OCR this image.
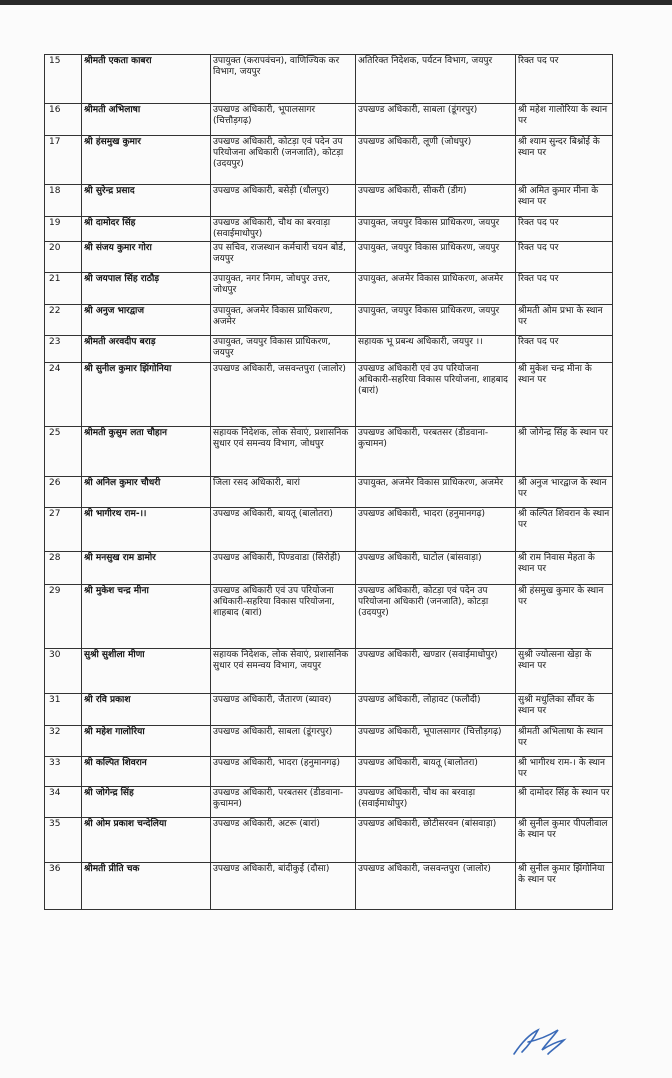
15	श्रीमती एकता काबरा	उपायुक्त (करापवंचन), वाणिज्यिक कर विभाग, जयपुर	अतिरिक्त निदेशक, पर्यटन विभाग, जयपुर	रिक्त पद पर
16	श्रीमती अभिलाषा	उपखण्ड अधिकारी, भूपालसागर (चित्तौड़गढ़)	उपखण्ड अधिकारी, साबला (डूंगरपुर)	श्री महेश गालोरिया के स्थान पर
17	श्री हंसमुख कुमार	उपखण्ड अधिकारी, कोटड़ा एवं पदेन उप परियोजना अधिकारी (जनजाति), कोटड़ा (उदयपुर)	उपखण्ड अधिकारी, लूणी (जोधपुर)	श्री श्याम सुन्दर बिश्नोई के स्थान पर
18	श्री सुरेन्द्र प्रसाद	उपखण्ड अधिकारी, बसेड़ी (धौलपुर)	उपखण्ड अधिकारी, सीकरी (डीग)	श्री अमित कुमार मीना के स्थान पर
19	श्री दामोदर सिंह	उपखण्ड अधिकारी, चौथ का बरवाड़ा (सवाईमाधोपुर)	उपायुक्त, जयपुर विकास प्राधिकरण, जयपुर	रिक्त पद पर
20	श्री संजय कुमार गोरा	उप सचिव, राजस्थान कर्मचारी चयन बोर्ड, जयपुर	उपायुक्त, जयपुर विकास प्राधिकरण, जयपुर	रिक्त पद पर
21	श्री जयपाल सिंह राठौड़	उपायुक्त, नगर निगम, जोधपुर उत्तर, जोधपुर	उपायुक्त, अजमेर विकास प्राधिकरण, अजमेर	रिक्त पद पर
22	श्री अनुज भारद्वाज	उपायुक्त, अजमेर विकास प्राधिकरण, अजमेर	उपायुक्त, जयपुर विकास प्राधिकरण, जयपुर	श्रीमती ओम प्रभा के स्थान पर
23	श्रीमती अरवदीप बराड़	उपायुक्त, जयपुर विकास प्राधिकरण, जयपुर	सहायक भू प्रबन्ध अधिकारी, जयपुर ।।	रिक्त पद पर
24	श्री सुनील कुमार झिंगोनिया	उपखण्ड अधिकारी, जसवन्तपुरा (जालोर)	उपखण्ड अधिकारी एवं उप परियोजना अधिकारी-सहरिया विकास परियोजना, शाहबाद (बारां)	श्री मुकेश चन्द्र मीना के स्थान पर
25	श्रीमती कुसुम लता चौहान	सहायक निदेशक, लोक सेवाएं, प्रशासनिक सुधार एवं समन्वय विभाग, जोधपुर	उपखण्ड अधिकारी, परबतसर (डीडवाना-कुचामन)	श्री जोगेन्द्र सिंह के स्थान पर
26	श्री अनिल कुमार चौधरी	जिला रसद अधिकारी, बारां	उपायुक्त, अजमेर विकास प्राधिकरण, अजमेर	श्री अनुज भारद्वाज के स्थान पर
27	श्री भागीरथ राम-।।	उपखण्ड अधिकारी, बायतू (बालोतरा)	उपखण्ड अधिकारी, भादरा (हनुमानगढ़)	श्री कल्पित शिवरान के स्थान पर
28	श्री मनसुख राम डामोर	उपखण्ड अधिकारी, पिण्डवाडा (सिरोही)	उपखण्ड अधिकारी, घाटोल (बांसवाड़ा)	श्री राम निवास मेहता के स्थान पर
29	श्री मुकेश चन्द्र मीना	उपखण्ड अधिकारी एवं उप परियोजना अधिकारी-सहरिया विकास परियोजना, शाहबाद (बारां)	उपखण्ड अधिकारी, कोटड़ा एवं पदेन उप परियोजना अधिकारी (जनजाति), कोटड़ा (उदयपुर)	श्री हंसमुख कुमार के स्थान पर
30	सुश्री सुशीला मीणा	सहायक निदेशक, लोक सेवाएं, प्रशासनिक सुधार एवं समन्वय विभाग, जयपुर	उपखण्ड अधिकारी, खण्डार (सवाईमाधोपुर)	सुश्री ज्योत्सना खेड़ा के स्थान पर
31	श्री रवि प्रकाश	उपखण्ड अधिकारी, जैतारण (ब्यावर)	उपखण्ड अधिकारी, लोहावट (फलौदी)	सुश्री मधुलिका सौंवर के स्थान पर
32	श्री महेश गालोरिया	उपखण्ड अधिकारी, साबला (डूंगरपुर)	उपखण्ड अधिकारी, भूपालसागर (चित्तौड़गढ़)	श्रीमती अभिलाषा के स्थान पर
33	श्री कल्पित शिवरान	उपखण्ड अधिकारी, भादरा (हनुमानगढ़)	उपखण्ड अधिकारी, बायतू (बालोतरा)	श्री भागीरथ राम-। के स्थान पर
34	श्री जोगेन्द्र सिंह	उपखण्ड अधिकारी, परबतसर (डीडवाना-कुचामन)	उपखण्ड अधिकारी, चौथ का बरवाड़ा (सवाईमाधोपुर)	श्री दामोदर सिंह के स्थान पर
35	श्री ओम प्रकाश चन्देलिया	उपखण्ड अधिकारी, अटरू (बारां)	उपखण्ड अधिकारी, छोटीसरवन (बांसवाड़ा)	श्री सुनील कुमार पीपलीवाल के स्थान पर
36	श्रीमती प्रीति चक	उपखण्ड अधिकारी, बांदीकुई (दौसा)	उपखण्ड अधिकारी, जसवन्तपुरा (जालोर)	श्री सुनील कुमार झिंगोनिया के स्थान पर
